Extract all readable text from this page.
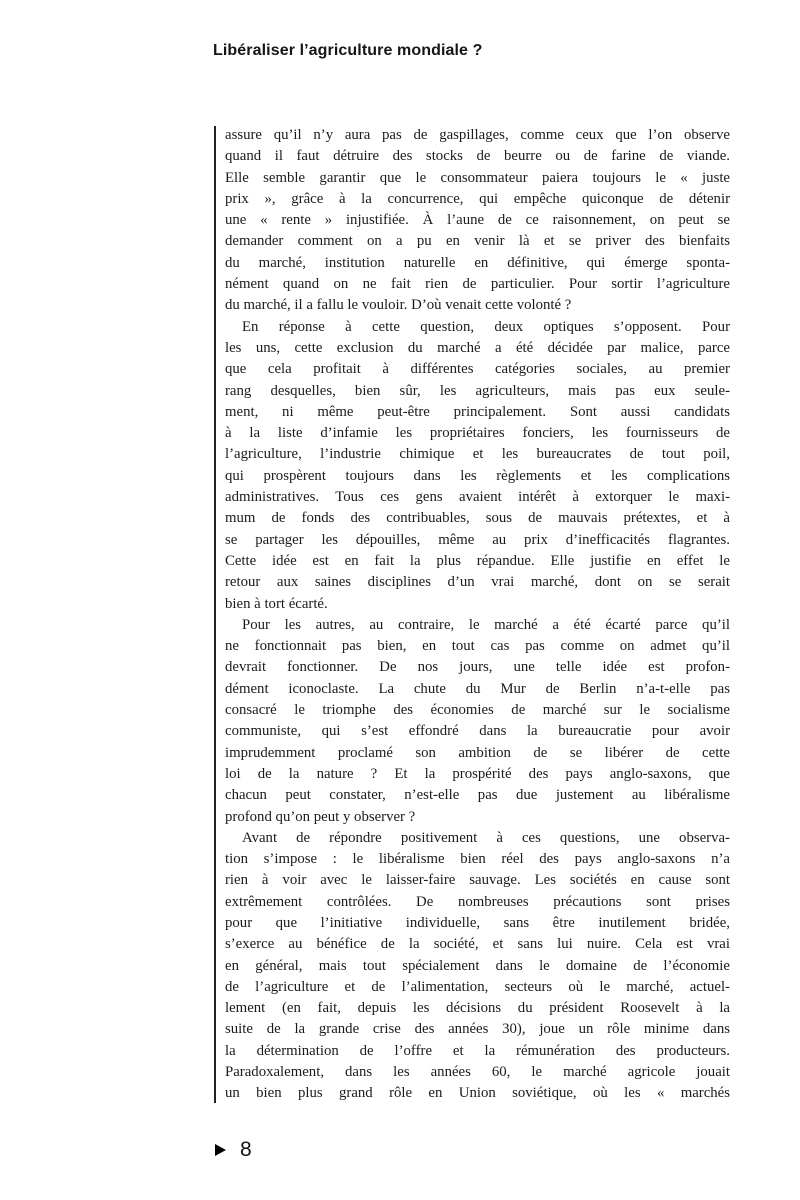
Libéraliser l’agriculture mondiale ?
assure qu’il n’y aura pas de gaspillages, comme ceux que l’on observe
quand il faut détruire des stocks de beurre ou de farine de viande.
Elle semble garantir que le consommateur paiera toujours le « juste
prix », grâce à la concurrence, qui empêche quiconque de détenir
une « rente » injustifiée. À l’aune de ce raisonnement, on peut se
demander comment on a pu en venir là et se priver des bienfaits
du marché, institution naturelle en définitive, qui émerge sponta-
nément quand on ne fait rien de particulier. Pour sortir l’agriculture
du marché, il a fallu le vouloir. D’où venait cette volonté ?
En réponse à cette question, deux optiques s’opposent. Pour
les uns, cette exclusion du marché a été décidée par malice, parce
que cela profitait à différentes catégories sociales, au premier
rang desquelles, bien sûr, les agriculteurs, mais pas eux seule-
ment, ni même peut-être principalement. Sont aussi candidats
à la liste d’infamie les propriétaires fonciers, les fournisseurs de
l’agriculture, l’industrie chimique et les bureaucrates de tout poil,
qui prospèrent toujours dans les règlements et les complications
administratives. Tous ces gens avaient intérêt à extorquer le maxi-
mum de fonds des contribuables, sous de mauvais prétextes, et à
se partager les dépouilles, même au prix d’inefficacités flagrantes.
Cette idée est en fait la plus répandue. Elle justifie en effet le
retour aux saines disciplines d’un vrai marché, dont on se serait
bien à tort écarté.
Pour les autres, au contraire, le marché a été écarté parce qu’il
ne fonctionnait pas bien, en tout cas pas comme on admet qu’il
devrait fonctionner. De nos jours, une telle idée est profon-
dément iconoclaste. La chute du Mur de Berlin n’a-t-elle pas
consacré le triomphe des économies de marché sur le socialisme
communiste, qui s’est effondré dans la bureaucratie pour avoir
imprudemment proclamé son ambition de se libérer de cette
loi de la nature ? Et la prospérité des pays anglo-saxons, que
chacun peut constater, n’est-elle pas due justement au libéralisme
profond qu’on peut y observer ?
Avant de répondre positivement à ces questions, une observa-
tion s’impose : le libéralisme bien réel des pays anglo-saxons n’a
rien à voir avec le laisser-faire sauvage. Les sociétés en cause sont
extrêmement contrôlées. De nombreuses précautions sont prises
pour que l’initiative individuelle, sans être inutilement bridée,
s’exerce au bénéfice de la société, et sans lui nuire. Cela est vrai
en général, mais tout spécialement dans le domaine de l’économie
de l’agriculture et de l’alimentation, secteurs où le marché, actuel-
lement (en fait, depuis les décisions du président Roosevelt à la
suite de la grande crise des années 30), joue un rôle minime dans
la détermination de l’offre et la rémunération des producteurs.
Paradoxalement, dans les années 60, le marché agricole jouait
un bien plus grand rôle en Union soviétique, où les « marchés
8
